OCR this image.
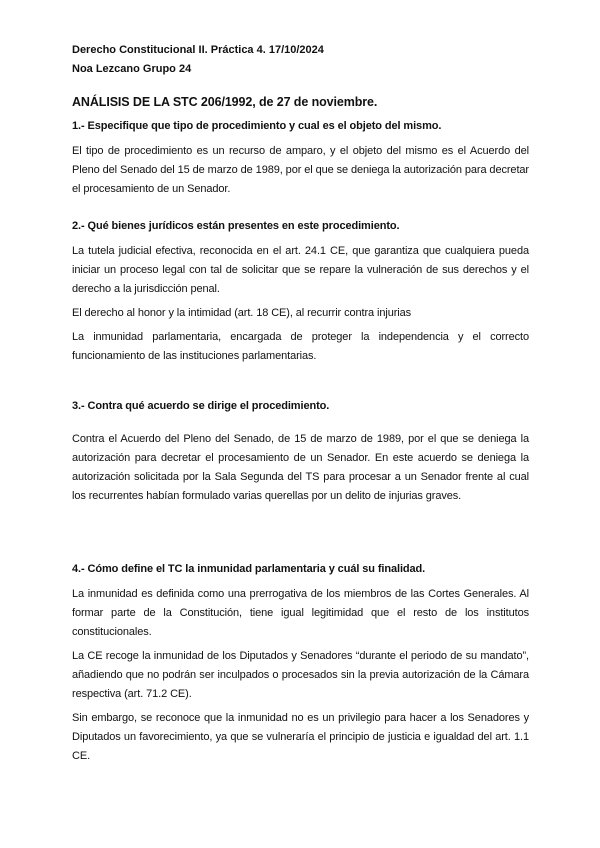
Derecho Constitucional II. Práctica 4. 17/10/2024
Noa Lezcano Grupo 24
ANÁLISIS DE LA STC 206/1992, de 27 de noviembre.
1.- Especifique que tipo de procedimiento y cual es el objeto del mismo.
El tipo de procedimiento es un recurso de amparo, y el objeto del mismo es el Acuerdo del Pleno del Senado del 15 de marzo de 1989, por el que se deniega la autorización para decretar el procesamiento de un Senador.
2.- Qué bienes jurídicos están presentes en este procedimiento.
La tutela judicial efectiva, reconocida en el art. 24.1 CE, que garantiza que cualquiera pueda iniciar un proceso legal con tal de solicitar que se repare la vulneración de sus derechos y el derecho a la jurisdicción penal.
El derecho al honor y la intimidad (art. 18 CE), al recurrir contra injurias
La inmunidad parlamentaria, encargada de proteger la independencia y el correcto funcionamiento de las instituciones parlamentarias.
3.- Contra qué acuerdo se dirige el procedimiento.
Contra el Acuerdo del Pleno del Senado, de 15 de marzo de 1989, por el que se deniega la autorización para decretar el procesamiento de un Senador. En este acuerdo se deniega la autorización solicitada por la Sala Segunda del TS para procesar a un Senador frente al cual los recurrentes habían formulado varias querellas por un delito de injurias graves.
4.- Cómo define el TC la inmunidad parlamentaria y cuál su finalidad.
La inmunidad es definida como una prerrogativa de los miembros de las Cortes Generales. Al formar parte de la Constitución, tiene igual legitimidad que el resto de los institutos constitucionales.
La CE recoge la inmunidad de los Diputados y Senadores “durante el periodo de su mandato”, añadiendo que no podrán ser inculpados o procesados sin la previa autorización de la Cámara respectiva (art. 71.2 CE).
Sin embargo, se reconoce que la inmunidad no es un privilegio para hacer a los Senadores y Diputados un favorecimiento, ya que se vulneraría el principio de justicia e igualdad del art. 1.1 CE.
